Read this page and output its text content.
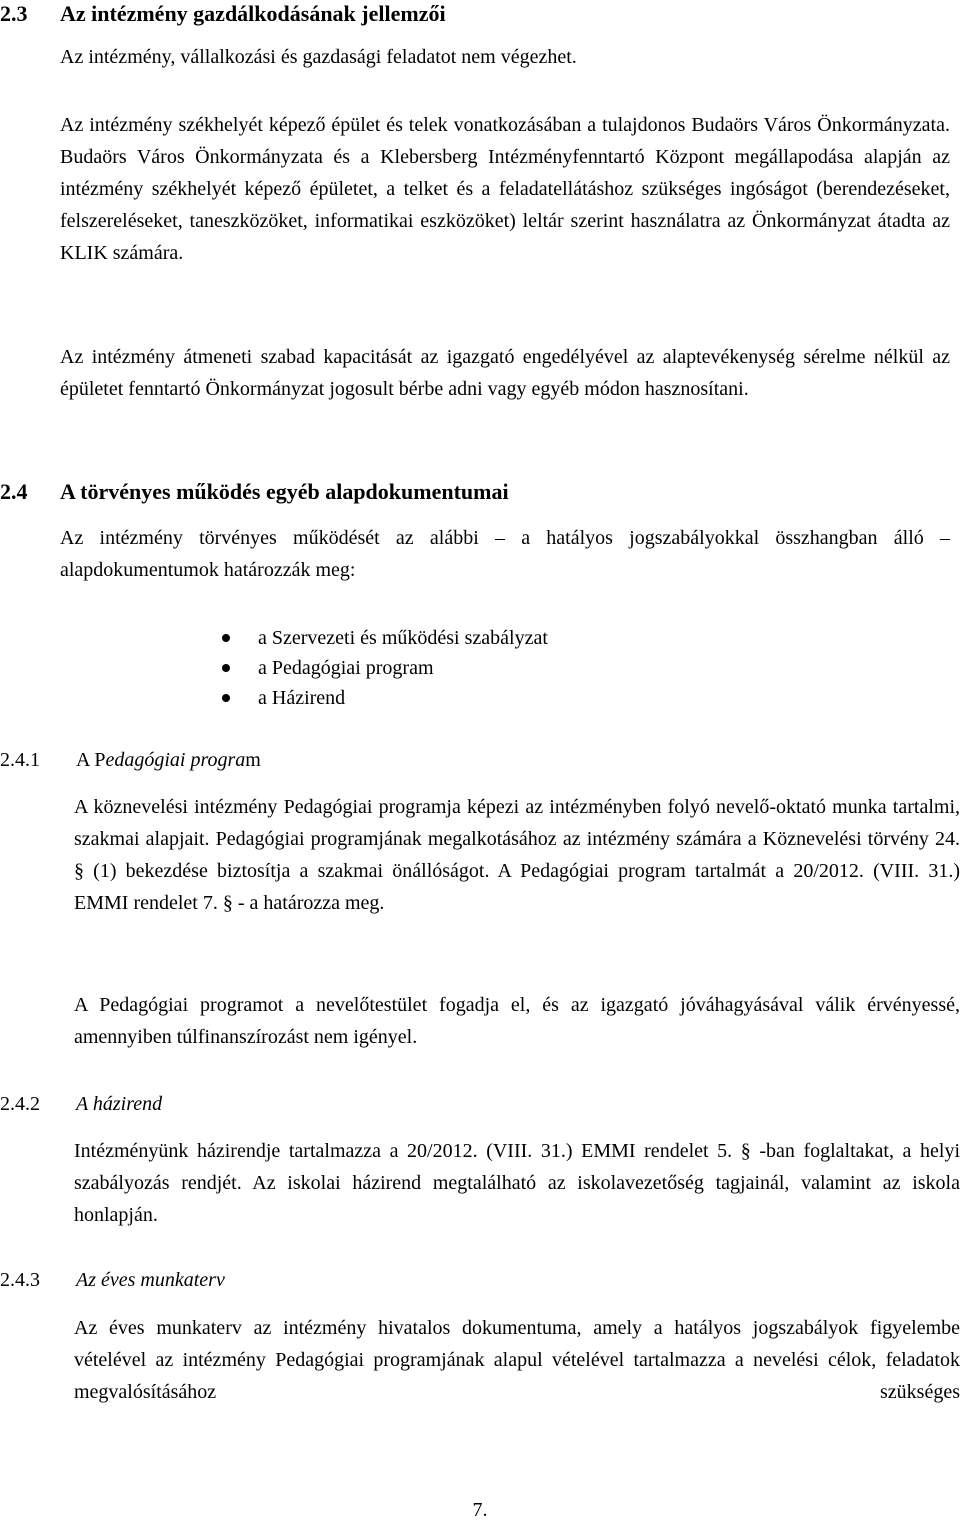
2.3 Az intézmény gazdálkodásának jellemzői

Az intézmény, vállalkozási és gazdasági feladatot nem végezhet.

Az intézmény székhelyét képező épület és telek vonatkozásában a tulajdonos Budaörs Város Önkormányzata. Budaörs Város Önkormányzata és a Klebersberg Intézményfenntartó Központ megállapodása alapján az intézmény székhelyét képező épületet, a telket és a feladatellátáshoz szükséges ingóságot (berendezéseket, felszereléseket, taneszközöket, informatikai eszközöket) leltár szerint használatra az Önkormányzat átadta az KLIK számára.

Az intézmény átmeneti szabad kapacitását az igazgató engedélyével az alaptevékenység sérelme nélkül az épületet fenntartó Önkormányzat jogosult bérbe adni vagy egyéb módon hasznosítani.

2.4 A törvényes működés egyéb alapdokumentumai

Az intézmény törvényes működését az alábbi – a hatályos jogszabályokkal összhangban álló – alapdokumentumok határozzák meg:

a Szervezeti és működési szabályzat
a Pedagógiai program
a Házirend
2.4.1 A Pedagógiai program

A köznevelési intézmény Pedagógiai programja képezi az intézményben folyó nevelő-oktató munka tartalmi, szakmai alapjait. Pedagógiai programjának megalkotásához az intézmény számára a Köznevelési törvény 24. § (1) bekezdése biztosítja a szakmai önállóságot. A Pedagógiai program tartalmát a 20/2012. (VIII. 31.) EMMI rendelet 7. § - a határozza meg.

A Pedagógiai programot a nevelőtestület fogadja el, és az igazgató jóváhagyásával válik érvényessé, amennyiben túlfinanszírozást nem igényel.

2.4.2 A házirend

Intézményünk házirendje tartalmazza a 20/2012. (VIII. 31.) EMMI rendelet 5. § -ban foglaltakat, a helyi szabályozás rendjét. Az iskolai házirend megtalálható az iskolavezetőség tagjainál, valamint az iskola honlapján.

2.4.3 Az éves munkaterv

Az éves munkaterv az intézmény hivatalos dokumentuma, amely a hatályos jogszabályok figyelembe vételével az intézmény Pedagógiai programjának alapul vételével tartalmazza a nevelési célok, feladatok megvalósításához szükséges

7.
